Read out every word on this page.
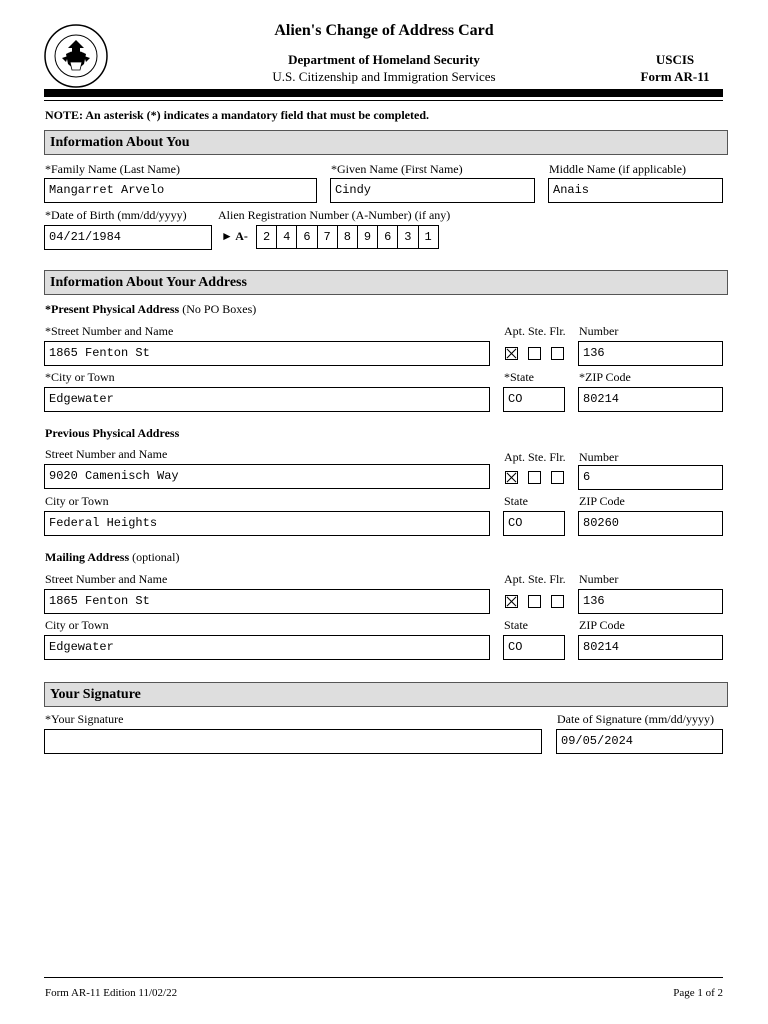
Alien's Change of Address Card
Department of Homeland Security
U.S. Citizenship and Immigration Services
USCIS
Form AR-11
NOTE: An asterisk (*) indicates a mandatory field that must be completed.
Information About You
*Family Name (Last Name)
Mangarret Arvelo
*Given Name (First Name)
Cindy
Middle Name (if applicable)
Anais
*Date of Birth (mm/dd/yyyy)
04/21/1984
Alien Registration Number (A-Number) (if any)
► A-	2	4	6	7	8	9	6	3	1
Information About Your Address
*Present Physical Address (No PO Boxes)
*Street Number and Name
1865 Fenton St
Apt. Ste. Flr. Number
136
*City or Town
Edgewater
*State
CO
*ZIP Code
80214
Previous Physical Address
Street Number and Name
9020 Camenisch Way
Apt. Ste. Flr. Number
6
City or Town
Federal Heights
State
CO
ZIP Code
80260
Mailing Address (optional)
Street Number and Name
1865 Fenton St
Apt. Ste. Flr. Number
136
City or Town
Edgewater
State
CO
ZIP Code
80214
Your Signature
*Your Signature	Date of Signature (mm/dd/yyyy)
09/05/2024
Form AR-11 Edition 11/02/22	Page 1 of 2
